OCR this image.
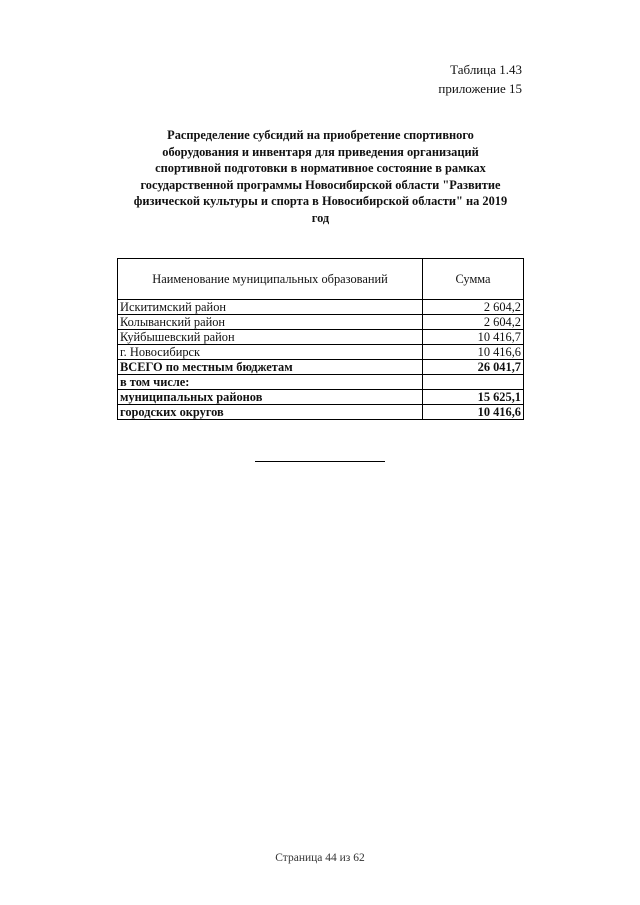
Таблица 1.43
приложение 15
Распределение субсидий на приобретение спортивного
оборудования и инвентаря для приведения организаций
спортивной подготовки в нормативное состояние в рамках
государственной программы Новосибирской области "Развитие
физической культуры и спорта в Новосибирской области" на 2019
год
Наименование муниципальных образований	Сумма
Искитимский район	2 604,2
Колыванский район	2 604,2
Куйбышевский район	10 416,7
г. Новосибирск	10 416,6
ВСЕГО по местным бюджетам	26 041,7
в том числе:	
муниципальных районов	15 625,1
городских округов	10 416,6
Страница 44 из 62
